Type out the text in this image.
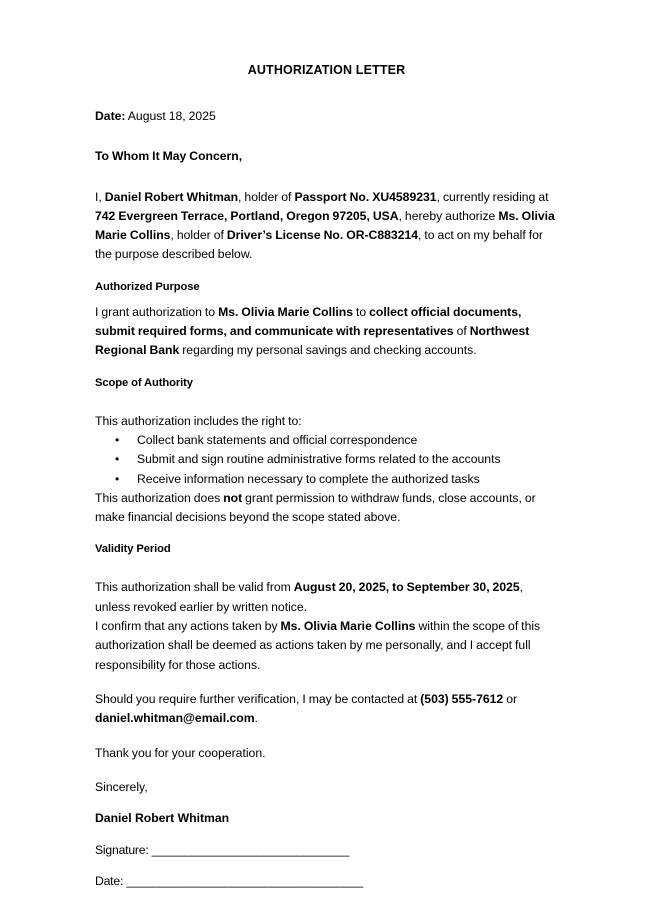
AUTHORIZATION LETTER

Date: August 18, 2025

To Whom It May Concern,

I, Daniel Robert Whitman, holder of Passport No. XU4589231, currently residing at 742 Evergreen Terrace, Portland, Oregon 97205, USA, hereby authorize Ms. Olivia Marie Collins, holder of Driver’s License No. OR-C883214, to act on my behalf for the purpose described below.

Authorized Purpose

I grant authorization to Ms. Olivia Marie Collins to collect official documents, submit required forms, and communicate with representatives of Northwest Regional Bank regarding my personal savings and checking accounts.

Scope of Authority

This authorization includes the right to:

• Collect bank statements and official correspondence
• Submit and sign routine administrative forms related to the accounts
• Receive information necessary to complete the authorized tasks

This authorization does not grant permission to withdraw funds, close accounts, or make financial decisions beyond the scope stated above.

Validity Period

This authorization shall be valid from August 20, 2025, to September 30, 2025, unless revoked earlier by written notice.

I confirm that any actions taken by Ms. Olivia Marie Collins within the scope of this authorization shall be deemed as actions taken by me personally, and I accept full responsibility for those actions.

Should you require further verification, I may be contacted at (503) 555-7612 or daniel.whitman@email.com.

Thank you for your cooperation.

Sincerely,

Daniel Robert Whitman

Signature: ______________________________

Date: ____________________________________
